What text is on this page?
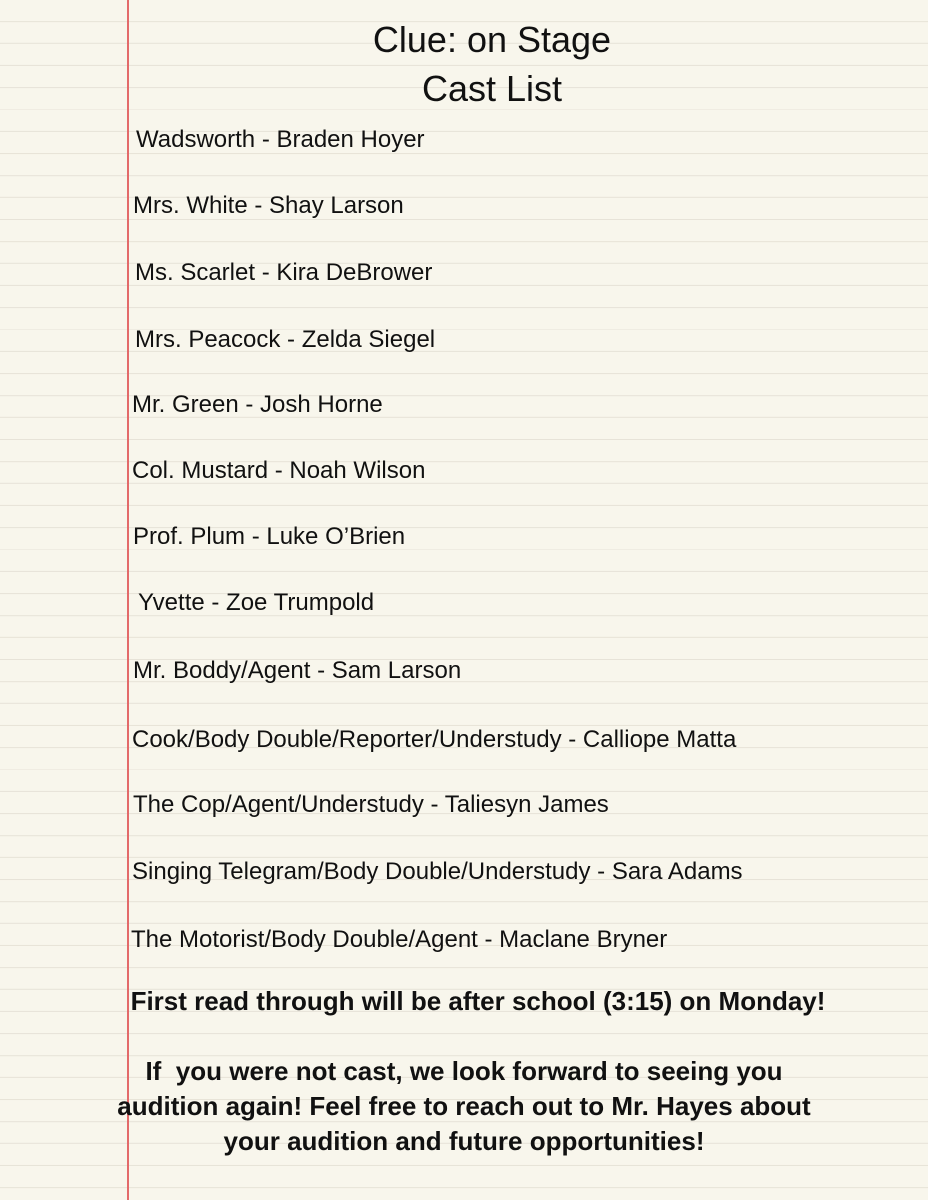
Clue: on Stage
Cast List
Wadsworth - Braden Hoyer
Mrs. White - Shay Larson
Ms. Scarlet - Kira DeBrower
Mrs. Peacock - Zelda Siegel
Mr. Green - Josh Horne
Col. Mustard - Noah Wilson
Prof. Plum - Luke O’Brien
Yvette - Zoe Trumpold
Mr. Boddy/Agent - Sam Larson
Cook/Body Double/Reporter/Understudy - Calliope Matta
The Cop/Agent/Understudy - Taliesyn James
Singing Telegram/Body Double/Understudy - Sara Adams
The Motorist/Body Double/Agent - Maclane Bryner
First read through will be after school (3:15) on Monday!
If  you were not cast, we look forward to seeing you
audition again! Feel free to reach out to Mr. Hayes about
your audition and future opportunities!
